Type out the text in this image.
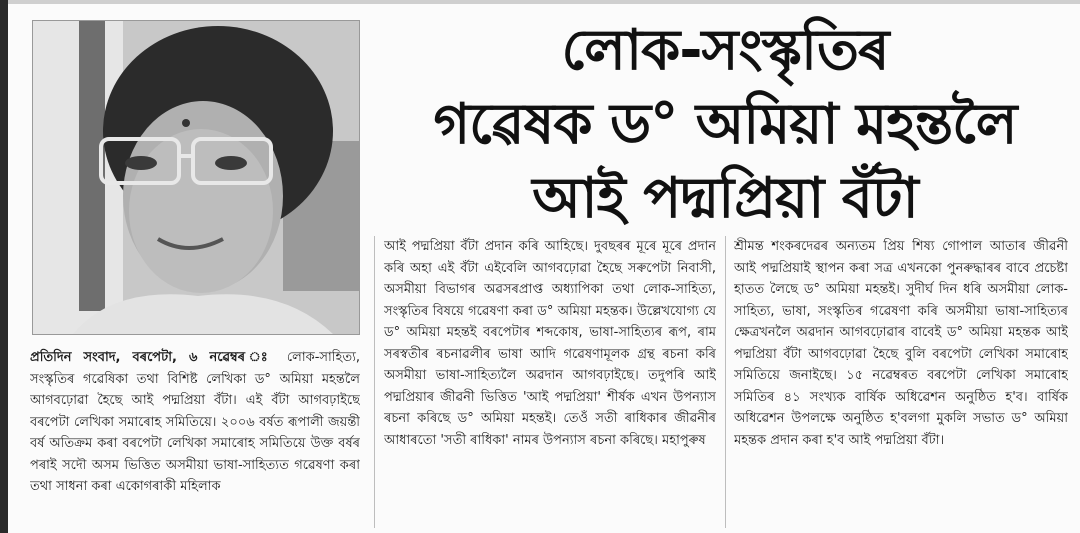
লোক-সংস্কৃতিৰ
গৱেষক ড° অমিয়া মহন্তলৈ
আই পদ্মপ্ৰিয়া বঁটা

প্ৰতিদিন সংবাদ, বৰপেটা, ৬ নৱেম্বৰ ঃ লোক-সাহিত্য, সংস্কৃতিৰ গৱেষিকা তথা বিশিষ্ট লেখিকা ড° অমিয়া মহন্তলৈ আগবঢ়োৱা হৈছে আই পদ্মপ্ৰিয়া বঁটা। এই বঁটা আগবঢ়াইছে বৰপেটা লেখিকা সমাৰোহ সমিতিয়ে। ২০০৬ বৰ্ষত ৰূপালী জয়ন্তী বৰ্ষ অতিক্ৰম কৰা বৰপেটা লেখিকা সমাৰোহ সমিতিয়ে উক্ত বৰ্ষৰ পৰাই সদৌ অসম ভিত্তিত অসমীয়া ভাষা-সাহিত্যত গৱেষণা কৰা তথা সাধনা কৰা একোগৰাকী মহিলাক

আই পদ্মপ্ৰিয়া বঁটা প্ৰদান কৰি আহিছে। দুবছৰৰ মূৰে মূৰে প্ৰদান কৰি অহা এই বঁটা এইবেলি আগবঢ়োৱা হৈছে সৰুপেটা নিবাসী, অসমীয়া বিভাগৰ অৱসৰপ্ৰাপ্ত অধ্যাপিকা তথা লোক-সাহিত্য, সংস্কৃতিৰ বিষয়ে গৱেষণা কৰা ড° অমিয়া মহন্তক। উল্লেখযোগ্য যে ড° অমিয়া মহন্তই বৰপেটাৰ শব্দকোষ, ভাষা-সাহিত্যৰ ৰূপ, ৰাম সৰস্বতীৰ ৰচনাৱলীৰ ভাষা আদি গৱেষণামূলক গ্ৰন্থ ৰচনা কৰি অসমীয়া ভাষা-সাহিত্যলৈ অৱদান আগবঢ়াইছে। তদুপৰি আই পদ্মপ্ৰিয়াৰ জীৱনী ভিত্তিত 'আই পদ্মপ্ৰিয়া' শীৰ্ষক এখন উপন্যাস ৰচনা কৰিছে ড° অমিয়া মহন্তই। তেওঁ সতী ৰাধিকাৰ জীৱনীৰ আধাৰতো 'সতী ৰাধিকা' নামৰ উপন্যাস ৰচনা কৰিছে। মহাপুৰুষ

শ্ৰীমন্ত শংকৰদেৱৰ অন্যতম প্ৰিয় শিষ্য গোপাল আতাৰ জীৱনী আই পদ্মপ্ৰিয়াই স্থাপন কৰা সত্ৰ এখনকো পুনৰুদ্ধাৰৰ বাবে প্ৰচেষ্টা হাতত লৈছে ড° অমিয়া মহন্তই। সুদীৰ্ঘ দিন ধৰি অসমীয়া লোক-সাহিত্য, ভাষা, সংস্কৃতিৰ গৱেষণা কৰি অসমীয়া ভাষা-সাহিত্যৰ ক্ষেত্ৰখনলৈ অৱদান আগবঢ়োৱাৰ বাবেই ড° অমিয়া মহন্তক আই পদ্মপ্ৰিয়া বঁটা আগবঢ়োৱা হৈছে বুলি বৰপেটা লেখিকা সমাৰোহ সমিতিয়ে জনাইছে। ১৫ নৱেম্বৰত বৰপেটা লেখিকা সমাৰোহ সমিতিৰ ৪১ সংখ্যক বাৰ্ষিক অধিৱেশন অনুষ্ঠিত হ'ব। বাৰ্ষিক অধিৱেশন উপলক্ষে অনুষ্ঠিত হ'বলগা মুকলি সভাত ড° অমিয়া মহন্তক প্ৰদান কৰা হ'ব আই পদ্মপ্ৰিয়া বঁটা।
